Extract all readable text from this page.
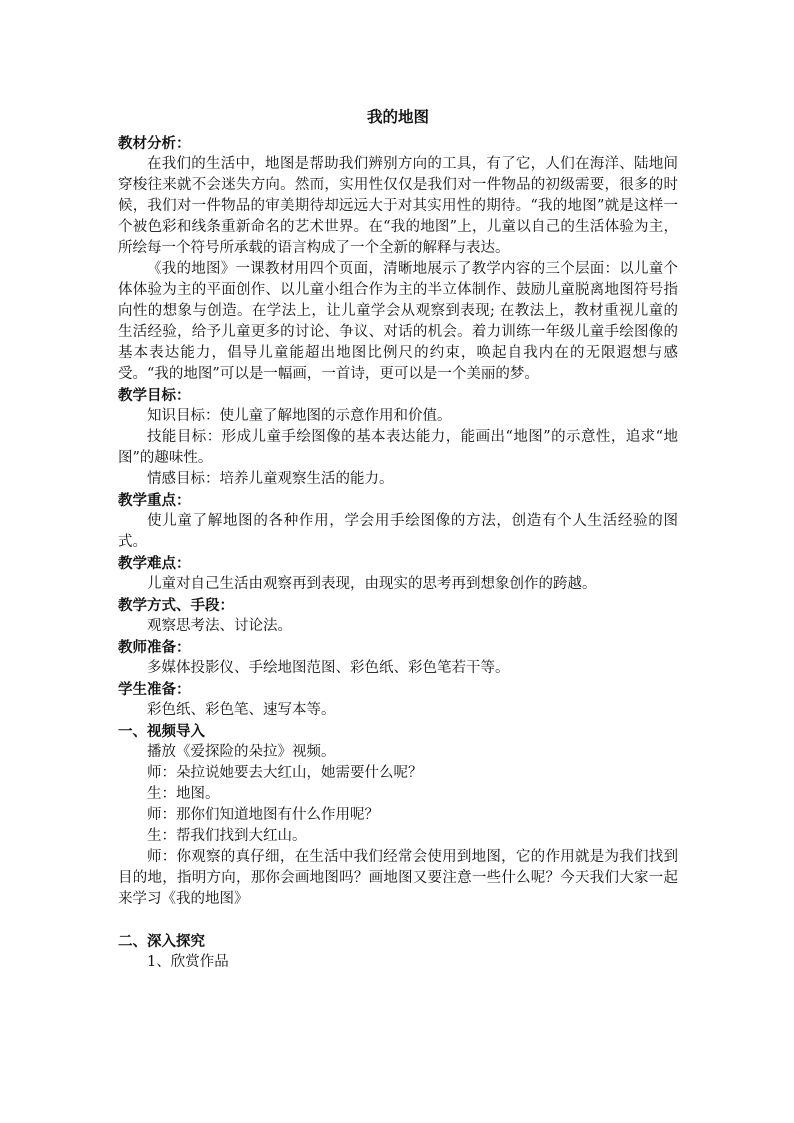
我的地图
教材分析：

在我们的生活中，地图是帮助我们辨别方向的工具，有了它，人们在海洋、陆地间穿梭往来就不会迷失方向。然而，实用性仅仅是我们对一件物品的初级需要，很多的时候，我们对一件物品的审美期待却远远大于对其实用性的期待。“我的地图”就是这样一个被色彩和线条重新命名的艺术世界。在“我的地图”上，儿童以自己的生活体验为主，所绘每一个符号所承载的语言构成了一个全新的解释与表达。

《我的地图》一课教材用四个页面，清晰地展示了教学内容的三个层面：以儿童个体体验为主的平面创作、以儿童小组合作为主的半立体制作、鼓励儿童脱离地图符号指向性的想象与创造。在学法上，让儿童学会从观察到表现; 在教法上，教材重视儿童的生活经验，给予儿童更多的讨论、争议、对话的机会。着力训练一年级儿童手绘图像的基本表达能力，倡导儿童能超出地图比例尺的约束，唤起自我内在的无限遐想与感受。“我的地图”可以是一幅画，一首诗，更可以是一个美丽的梦。

教学目标：

知识目标：使儿童了解地图的示意作用和价值。

技能目标：形成儿童手绘图像的基本表达能力，能画出“地图”的示意性，追求“地图”的趣味性。

情感目标：培养儿童观察生活的能力。

教学重点：

使儿童了解地图的各种作用，学会用手绘图像的方法，创造有个人生活经验的图式。

教学难点：

儿童对自己生活由观察再到表现，由现实的思考再到想象创作的跨越。

教学方式、手段：

观察思考法、讨论法。

教师准备：

多媒体投影仪、手绘地图范图、彩色纸、彩色笔若干等。

学生准备：

彩色纸、彩色笔、速写本等。

一、视频导入

播放《爱探险的朵拉》视频。

师：朵拉说她要去大红山，她需要什么呢？

生：地图。

师：那你们知道地图有什么作用呢？

生：帮我们找到大红山。

师：你观察的真仔细，在生活中我们经常会使用到地图，它的作用就是为我们找到目的地，指明方向，那你会画地图吗？画地图又要注意一些什么呢？今天我们大家一起来学习《我的地图》

二、深入探究

1、欣赏作品
